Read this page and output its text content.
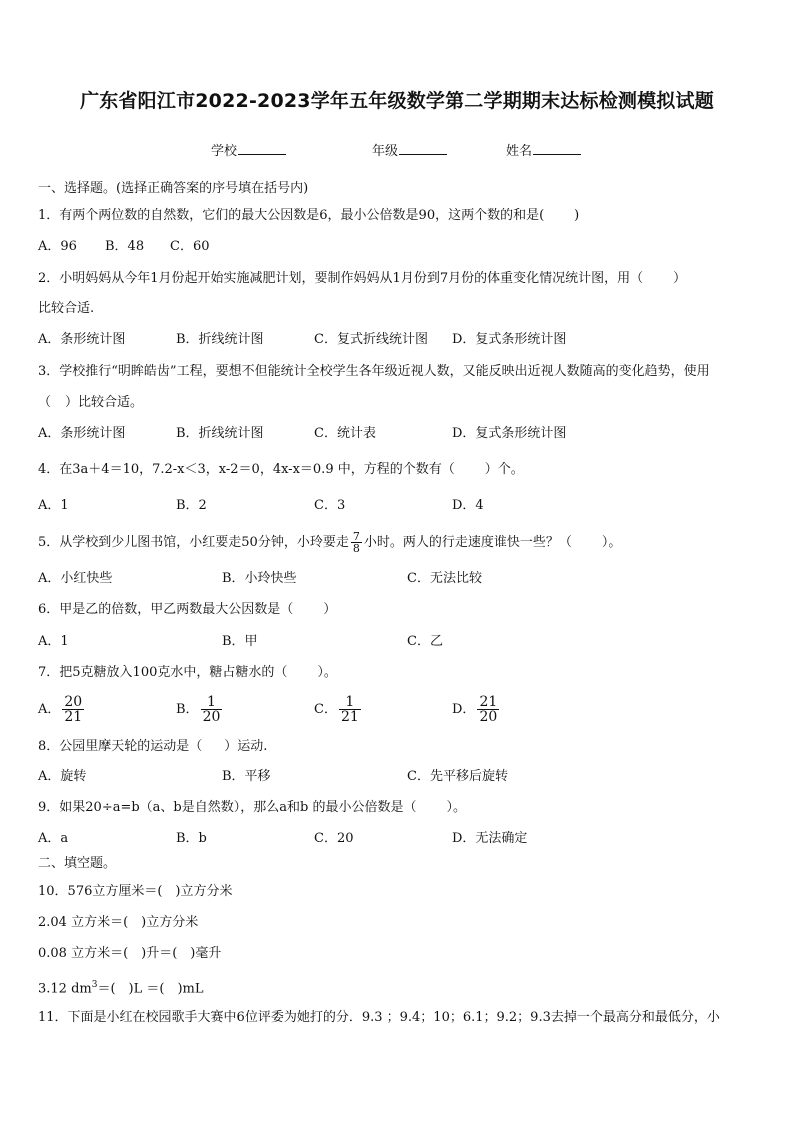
广东省阳江市2022-2023学年五年级数学第二学期期末达标检测模拟试题
学校	年级	姓名
一、选择题。(选择正确答案的序号填在括号内)
1．有两个两位数的自然数，它们的最大公因数是6，最小公倍数是90，这两个数的和是( )
A．96 B．48 C．60
2．小明妈妈从今年1月份起开始实施减肥计划，要制作妈妈从1月份到7月份的体重变化情况统计图，用（ ）
比较合适.
A．条形统计图	B．折线统计图	C．复式折线统计图 D．复式条形统计图
3．学校推行“明眸皓齿”工程，要想不但能统计全校学生各年级近视人数，又能反映出近视人数随高的变化趋势，使用
（ ）比较合适。
A．条形统计图	B．折线统计图	C．统计表	D．复式条形统计图
4．在3a＋4＝10，7.2-x＜3，x-2＝0，4x-x＝0.9 中，方程的个数有（ ）个。
A．1	B．2	C．3	D．4
5．从学校到少儿图书馆，小红要走50分钟，小玲要走 $\frac{7}{8}$ 小时。两人的行走速度谁快一些？（ ）。
A．小红快些	B．小玲快些	C．无法比较
6．甲是乙的倍数，甲乙两数最大公因数是（ ）
A．1	B．甲	C．乙
7．把5克糖放入100克水中，糖占糖水的（ ）。
A． $\frac{20}{21}$	B． $\frac{1}{20}$	C． $\frac{1}{21}$	D． $\frac{21}{20}$
8．公园里摩天轮的运动是（ ）运动.
A．旋转	B．平移	C．先平移后旋转
9．如果20÷a=b（a、b是自然数），那么a和b 的最小公倍数是（ ）。
A．a	B．b	C．20	D．无法确定
二、填空题。
10．576立方厘米＝(　)立方分米
2.04 立方米＝(　)立方分米
0.08 立方米＝(　)升＝(　)毫升
3.12 $dm^3=$(　)L ＝(　)mL
11．下面是小红在校园歌手大赛中6位评委为她打的分．9.3 ；9.4；10；6.1；9.2；9.3去掉一个最高分和最低分，小
